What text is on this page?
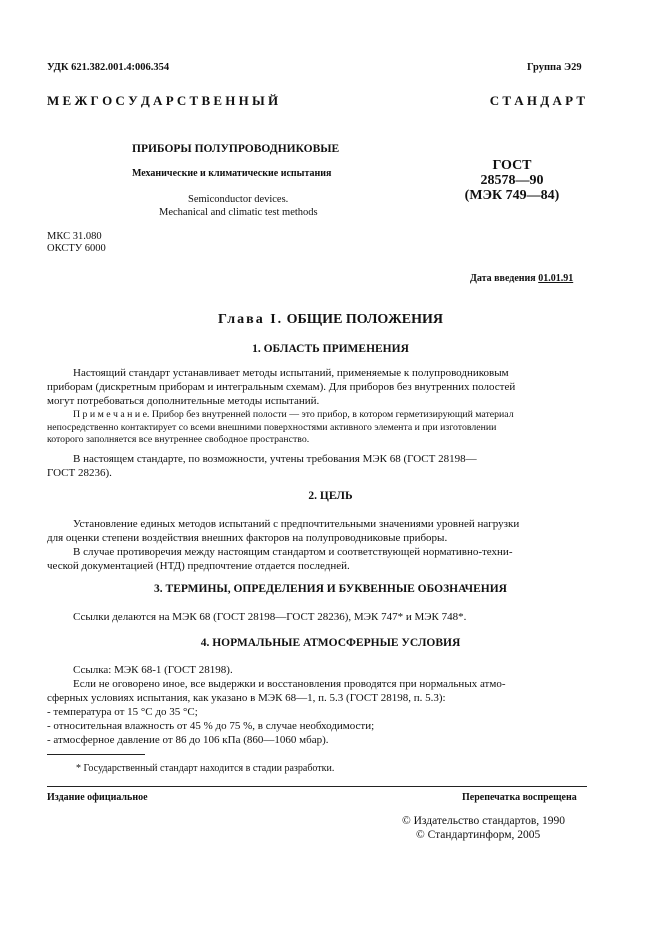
УДК 621.382.001.4:006.354	Группа Э29
М Е Ж Г О С У Д А Р С Т В Е Н Н Ы Й	С Т А Н Д А Р Т
ПРИБОРЫ ПОЛУПРОВОДНИКОВЫЕ
Механические и климатические испытания
Semiconductor devices.
Mechanical and climatic test methods
ГОСТ
28578—90
(МЭК 749—84)
МКС 31.080
ОКСТУ 6000
Дата введения 01.01.91
Глава I. ОБЩИЕ ПОЛОЖЕНИЯ
1. ОБЛАСТЬ ПРИМЕНЕНИЯ
Настоящий стандарт устанавливает методы испытаний, применяемые к полупроводниковым
приборам (дискретным приборам и интегральным схемам). Для приборов без внутренних полостей
могут потребоваться дополнительные методы испытаний.
П р и м е ч а н и е. Прибор без внутренней полости — это прибор, в котором герметизирующий материал
непосредственно контактирует со всеми внешними поверхностями активного элемента и при изготовлении
которого заполняется все внутреннее свободное пространство.
В настоящем стандарте, по возможности, учтены требования МЭК 68 (ГОСТ 28198—
ГОСТ 28236).
2. ЦЕЛЬ
Установление единых методов испытаний с предпочтительными значениями уровней нагрузки
для оценки степени воздействия внешних факторов на полупроводниковые приборы.
В случае противоречия между настоящим стандартом и соответствующей нормативно-техни-
ческой документацией (НТД) предпочтение отдается последней.
3. ТЕРМИНЫ, ОПРЕДЕЛЕНИЯ И БУКВЕННЫЕ ОБОЗНАЧЕНИЯ
Ссылки делаются на МЭК 68 (ГОСТ 28198—ГОСТ 28236), МЭК 747* и МЭК 748*.
4. НОРМАЛЬНЫЕ АТМОСФЕРНЫЕ УСЛОВИЯ
Ссылка: МЭК 68-1 (ГОСТ 28198).
Если не оговорено иное, все выдержки и восстановления проводятся при нормальных атмо-
сферных условиях испытания, как указано в МЭК 68—1, п. 5.3 (ГОСТ 28198, п. 5.3):
- температура от 15 °С до 35 °С;
- относительная влажность от 45 % до 75 %, в случае необходимости;
- атмосферное давление от 86 до 106 кПа (860—1060 мбар).
* Государственный стандарт находится в стадии разработки.
Издание официальное	Перепечатка воспрещена
© Издательство стандартов, 1990
© Стандартинформ, 2005
